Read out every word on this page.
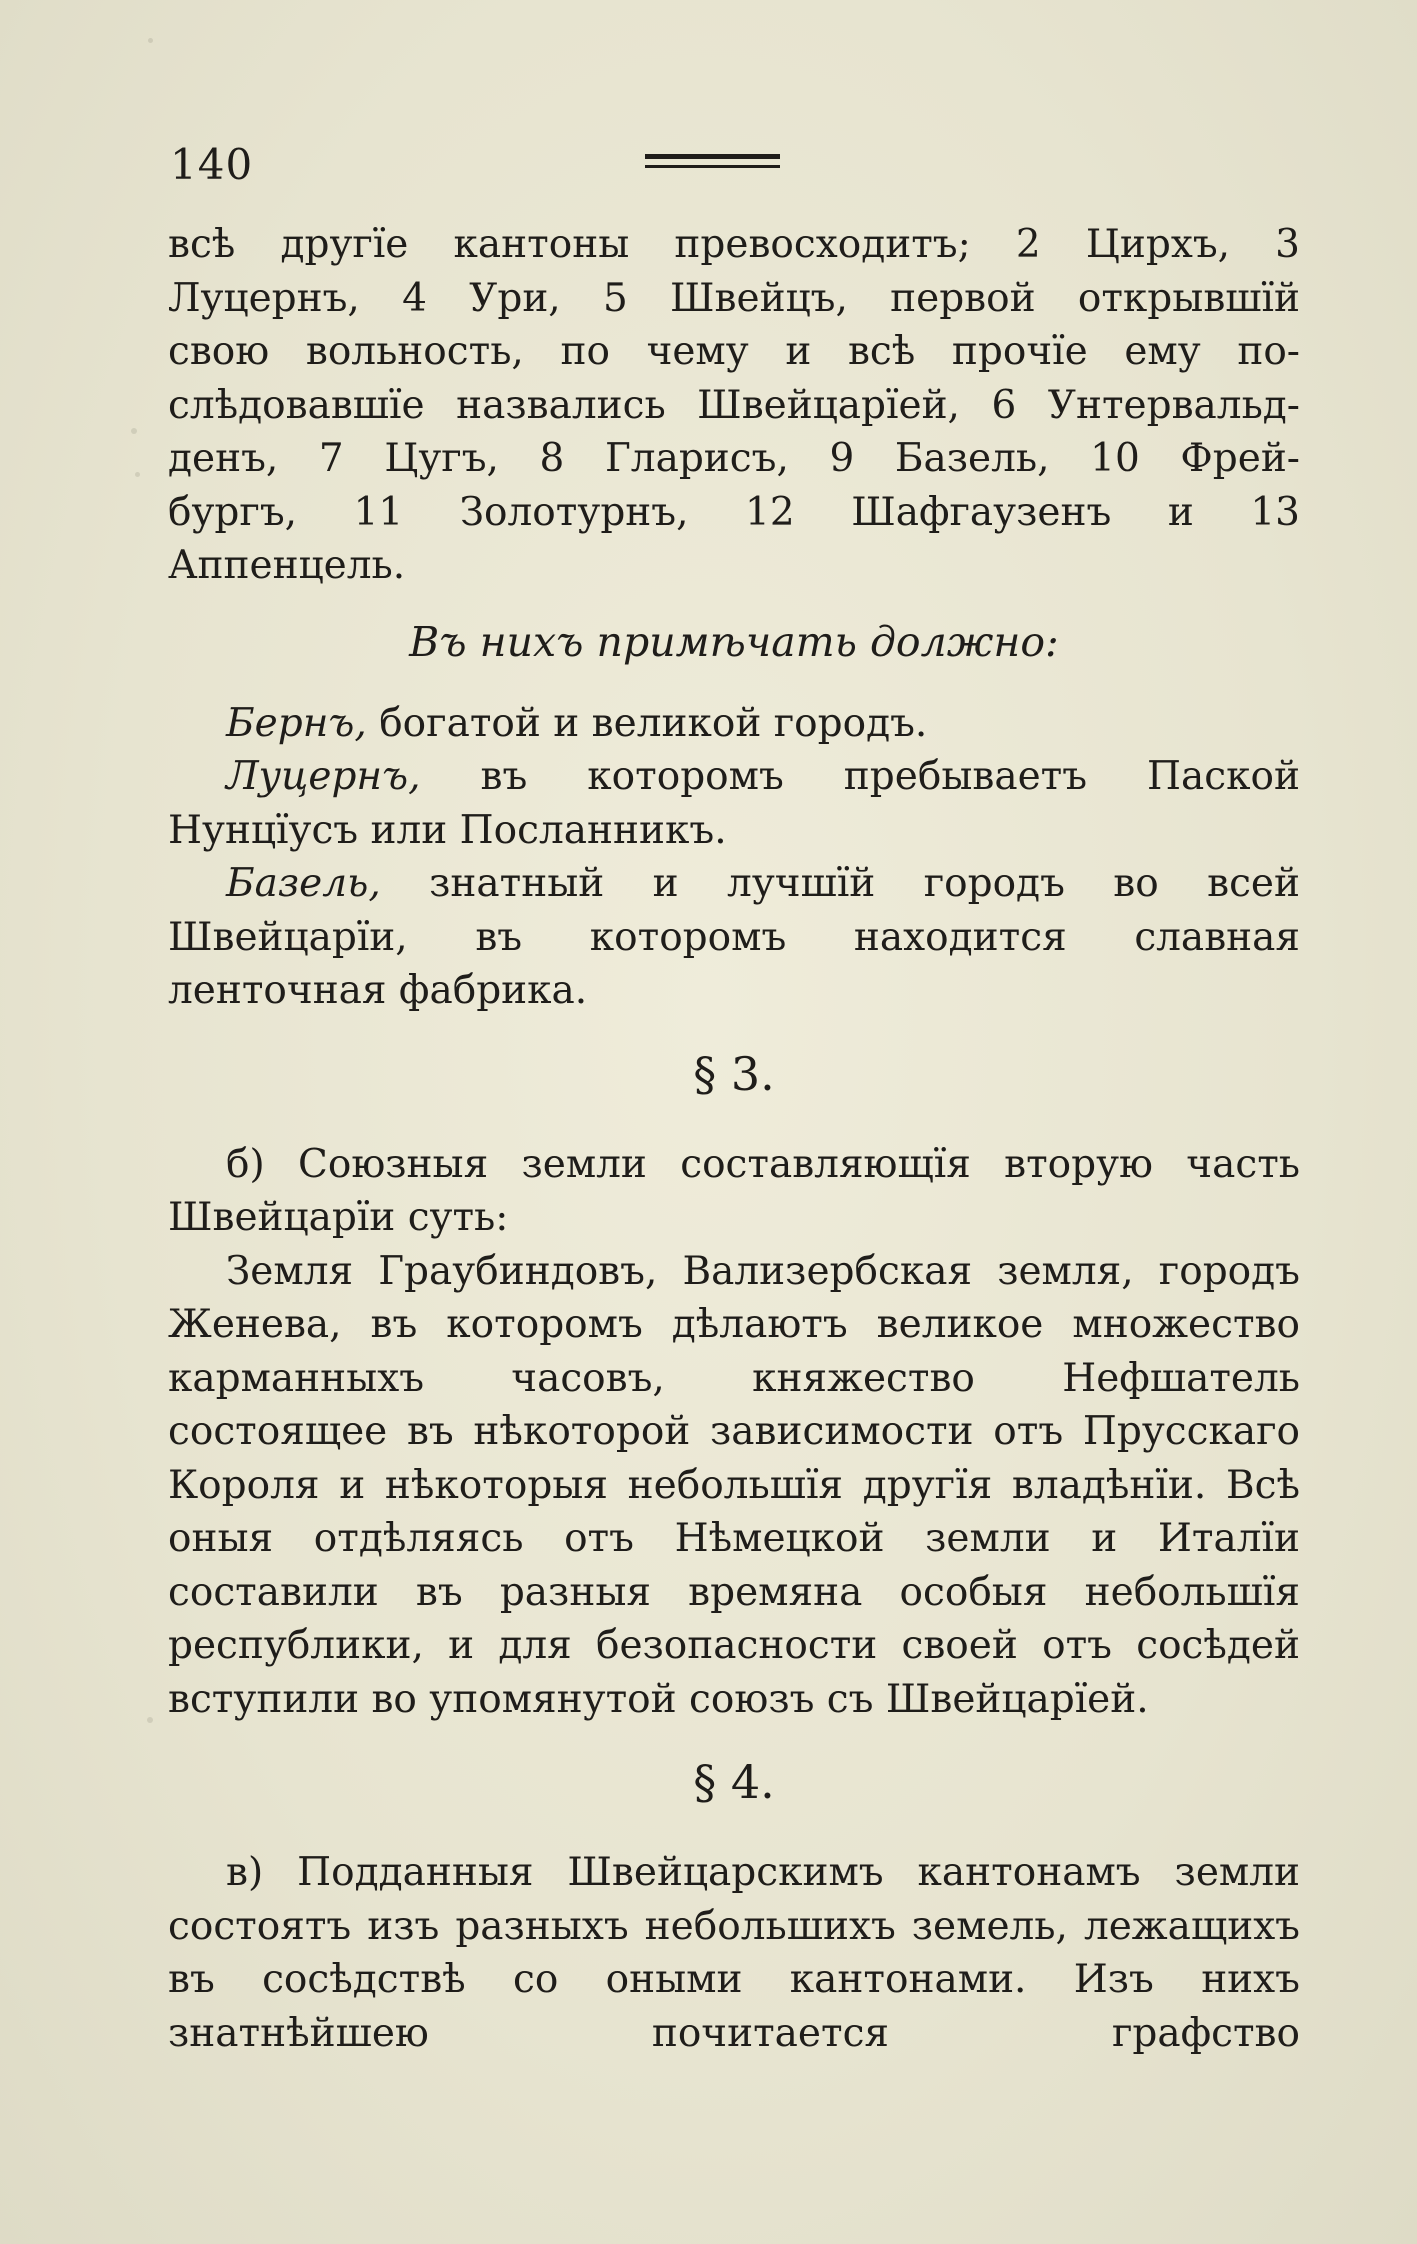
140

всѣ другїе кантоны превосходитъ; 2 Цирхъ, 3
Луцернъ, 4 Ури, 5 Швейцъ, первой открывшїй
свою вольность, по чему и всѣ прочїе ему по-
слѣдовавшїе назвались Швейцарїей, 6 Унтервальд-
денъ, 7 Цугъ, 8 Гларисъ, 9 Базель, 10 Фрей-
бургъ, 11 Золотурнъ, 12 Шафгаузенъ и 13

Аппенцель.

Въ нихъ примѣчать должно:

Бернъ, богатой и великой городъ.

Луцернъ, въ которомъ пребываетъ Паской Нунцїусъ или Посланникъ.

Базель, знатный и лучшїй городъ во всей Швейцарїи, въ которомъ находится славная ленточная фабрика.

§ 3.

б) Союзныя земли составляющїя вторую часть Швейцарїи суть:

Земля Граубиндовъ, Вализербская земля, городъ Женева, въ которомъ дѣлаютъ великое множество карманныхъ часовъ, княжество Нефшатель состоящее въ нѣкоторой зависимости отъ Прусскаго Короля и нѣкоторыя небольшїя другїя владѣнїи. Всѣ оныя отдѣляясь отъ Нѣмецкой земли и Италїи составили въ разныя времяна особыя небольшїя республики, и для безопасности своей отъ сосѣдей вступили во упомянутой союзъ съ Швейцарїей.

§ 4.

в) Подданныя Швейцарскимъ кантонамъ земли состоятъ изъ разныхъ небольшихъ земель, лежащихъ въ сосѣдствѣ со оными кантонами. Изъ нихъ знатнѣйшею почитается графство
